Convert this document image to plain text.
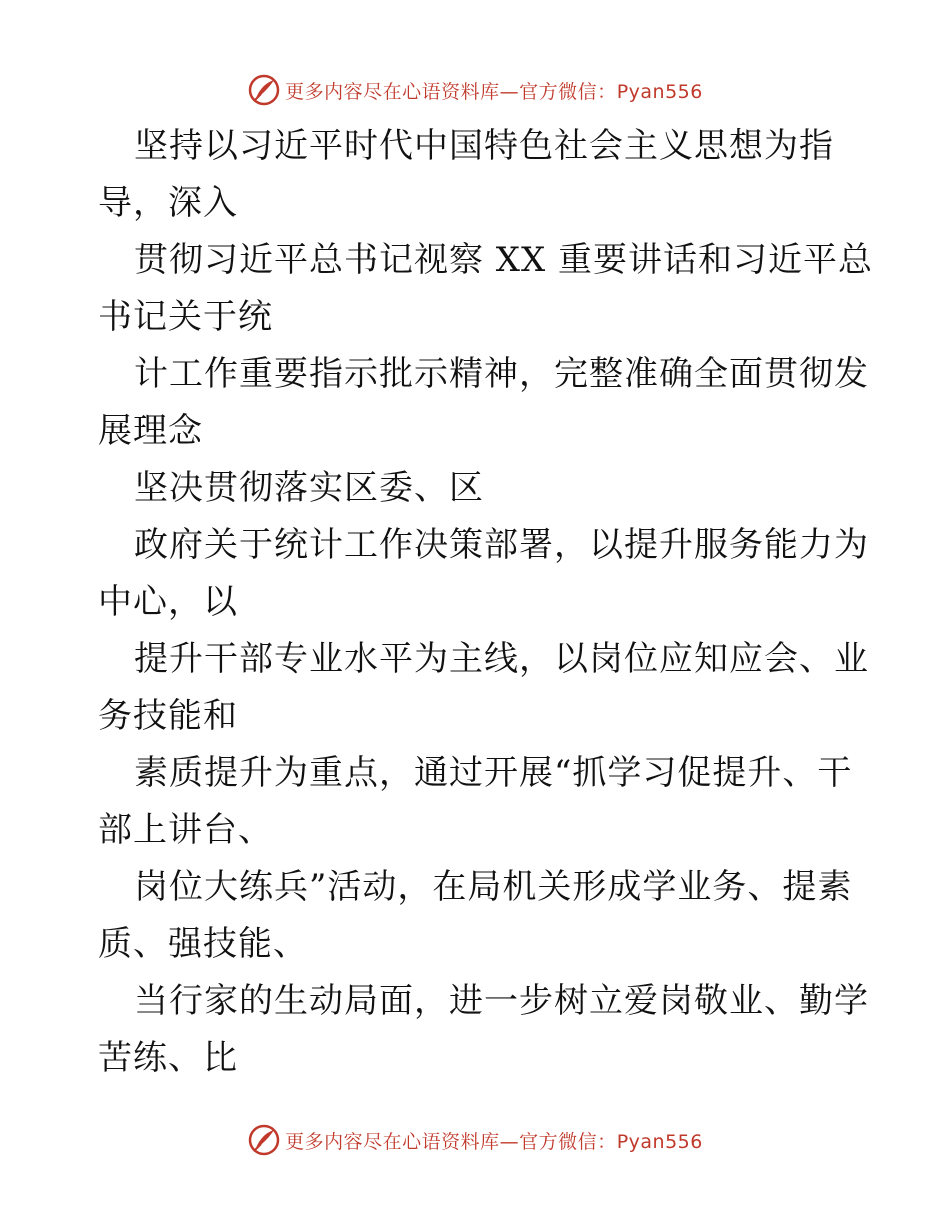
更多内容尽在心语资料库—官方微信：Pyan556
坚持以习近平时代中国特色社会主义思想为指
导，深入
贯彻习近平总书记视察 XX 重要讲话和习近平总
书记关于统
计工作重要指示批示精神，完整准确全面贯彻发
展理念
坚决贯彻落实区委、区
政府关于统计工作决策部署，以提升服务能力为
中心，以
提升干部专业水平为主线，以岗位应知应会、业
务技能和
素质提升为重点，通过开展“抓学习促提升、干
部上讲台、
岗位大练兵”活动，在局机关形成学业务、提素
质、强技能、
当行家的生动局面，进一步树立爱岗敬业、勤学
苦练、比
更多内容尽在心语资料库—官方微信：Pyan556
